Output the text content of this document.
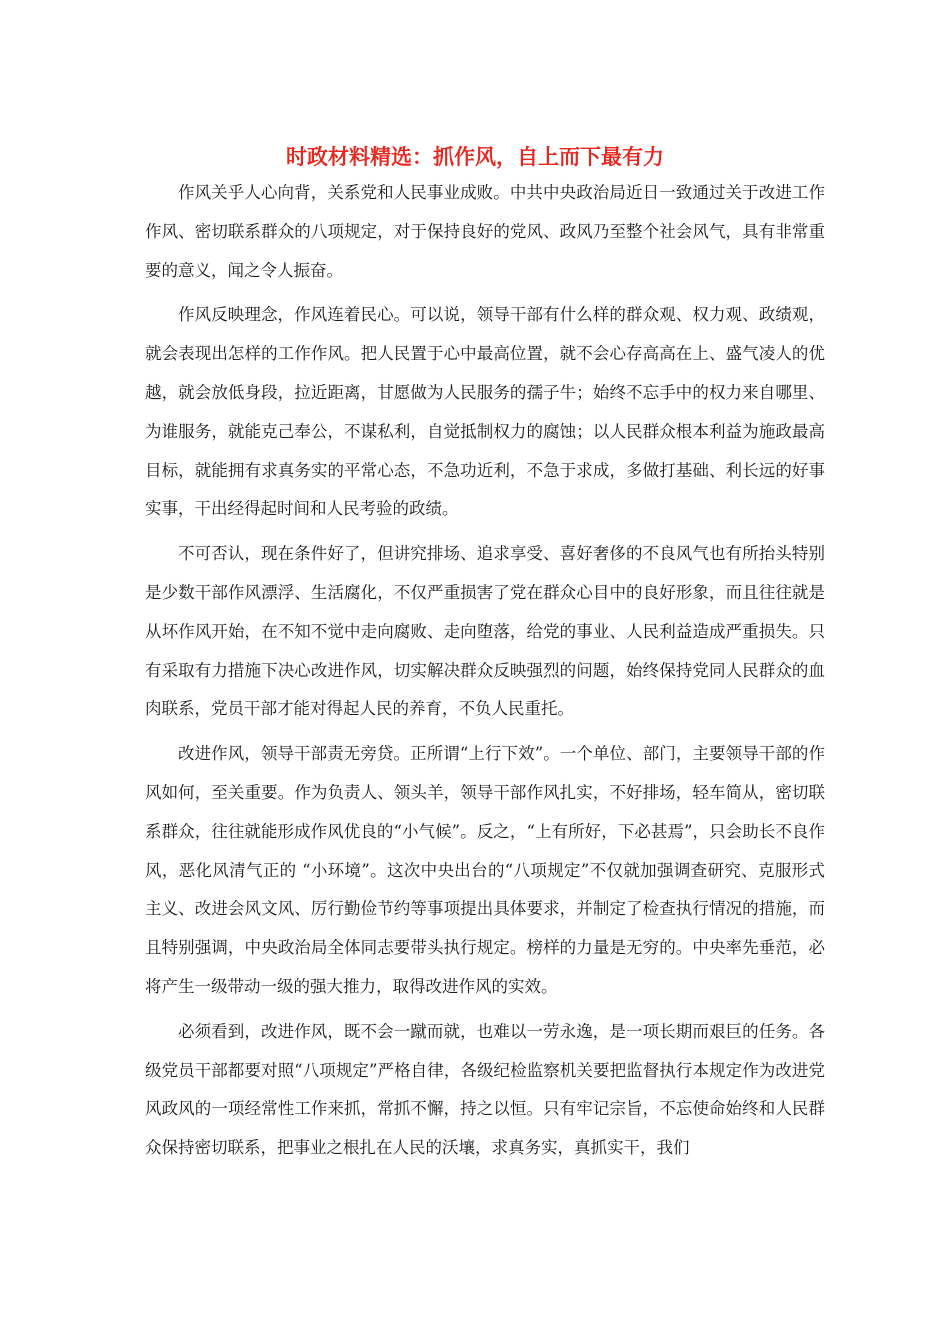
时政材料精选：抓作风，自上而下最有力

作风关乎人心向背，关系党和人民事业成败。中共中央政治局近日一致通过关于改进工作作风、密切联系群众的八项规定，对于保持良好的党风、政风乃至整个社会风气，具有非常重要的意义，闻之令人振奋。

作风反映理念，作风连着民心。可以说，领导干部有什么样的群众观、权力观、政绩观，就会表现出怎样的工作作风。把人民置于心中最高位置，就不会心存高高在上、盛气凌人的优越，就会放低身段，拉近距离，甘愿做为人民服务的孺子牛；始终不忘手中的权力来自哪里、为谁服务，就能克己奉公，不谋私利，自觉抵制权力的腐蚀；以人民群众根本利益为施政最高目标，就能拥有求真务实的平常心态，不急功近利，不急于求成，多做打基础、利长远的好事实事，干出经得起时间和人民考验的政绩。

不可否认，现在条件好了，但讲究排场、追求享受、喜好奢侈的不良风气也有所抬头特别是少数干部作风漂浮、生活腐化，不仅严重损害了党在群众心目中的良好形象，而且往往就是从坏作风开始，在不知不觉中走向腐败、走向堕落，给党的事业、人民利益造成严重损失。只有采取有力措施下决心改进作风，切实解决群众反映强烈的问题，始终保持党同人民群众的血肉联系，党员干部才能对得起人民的养育，不负人民重托。

改进作风，领导干部责无旁贷。正所谓“上行下效”。一个单位、部门，主要领导干部的作风如何，至关重要。作为负责人、领头羊，领导干部作风扎实，不好排场，轻车简从，密切联系群众，往往就能形成作风优良的“小气候”。反之，“上有所好，下必甚焉”，只会助长不良作风，恶化风清气正的 “小环境”。这次中央出台的“八项规定”不仅就加强调查研究、克服形式主义、改进会风文风、厉行勤俭节约等事项提出具体要求，并制定了检查执行情况的措施，而且特别强调，中央政治局全体同志要带头执行规定。榜样的力量是无穷的。中央率先垂范，必将产生一级带动一级的强大推力，取得改进作风的实效。

必须看到，改进作风，既不会一蹴而就，也难以一劳永逸，是一项长期而艰巨的任务。各级党员干部都要对照“八项规定”严格自律，各级纪检监察机关要把监督执行本规定作为改进党风政风的一项经常性工作来抓，常抓不懈，持之以恒。只有牢记宗旨，不忘使命始终和人民群众保持密切联系，把事业之根扎在人民的沃壤，求真务实，真抓实干，我们
